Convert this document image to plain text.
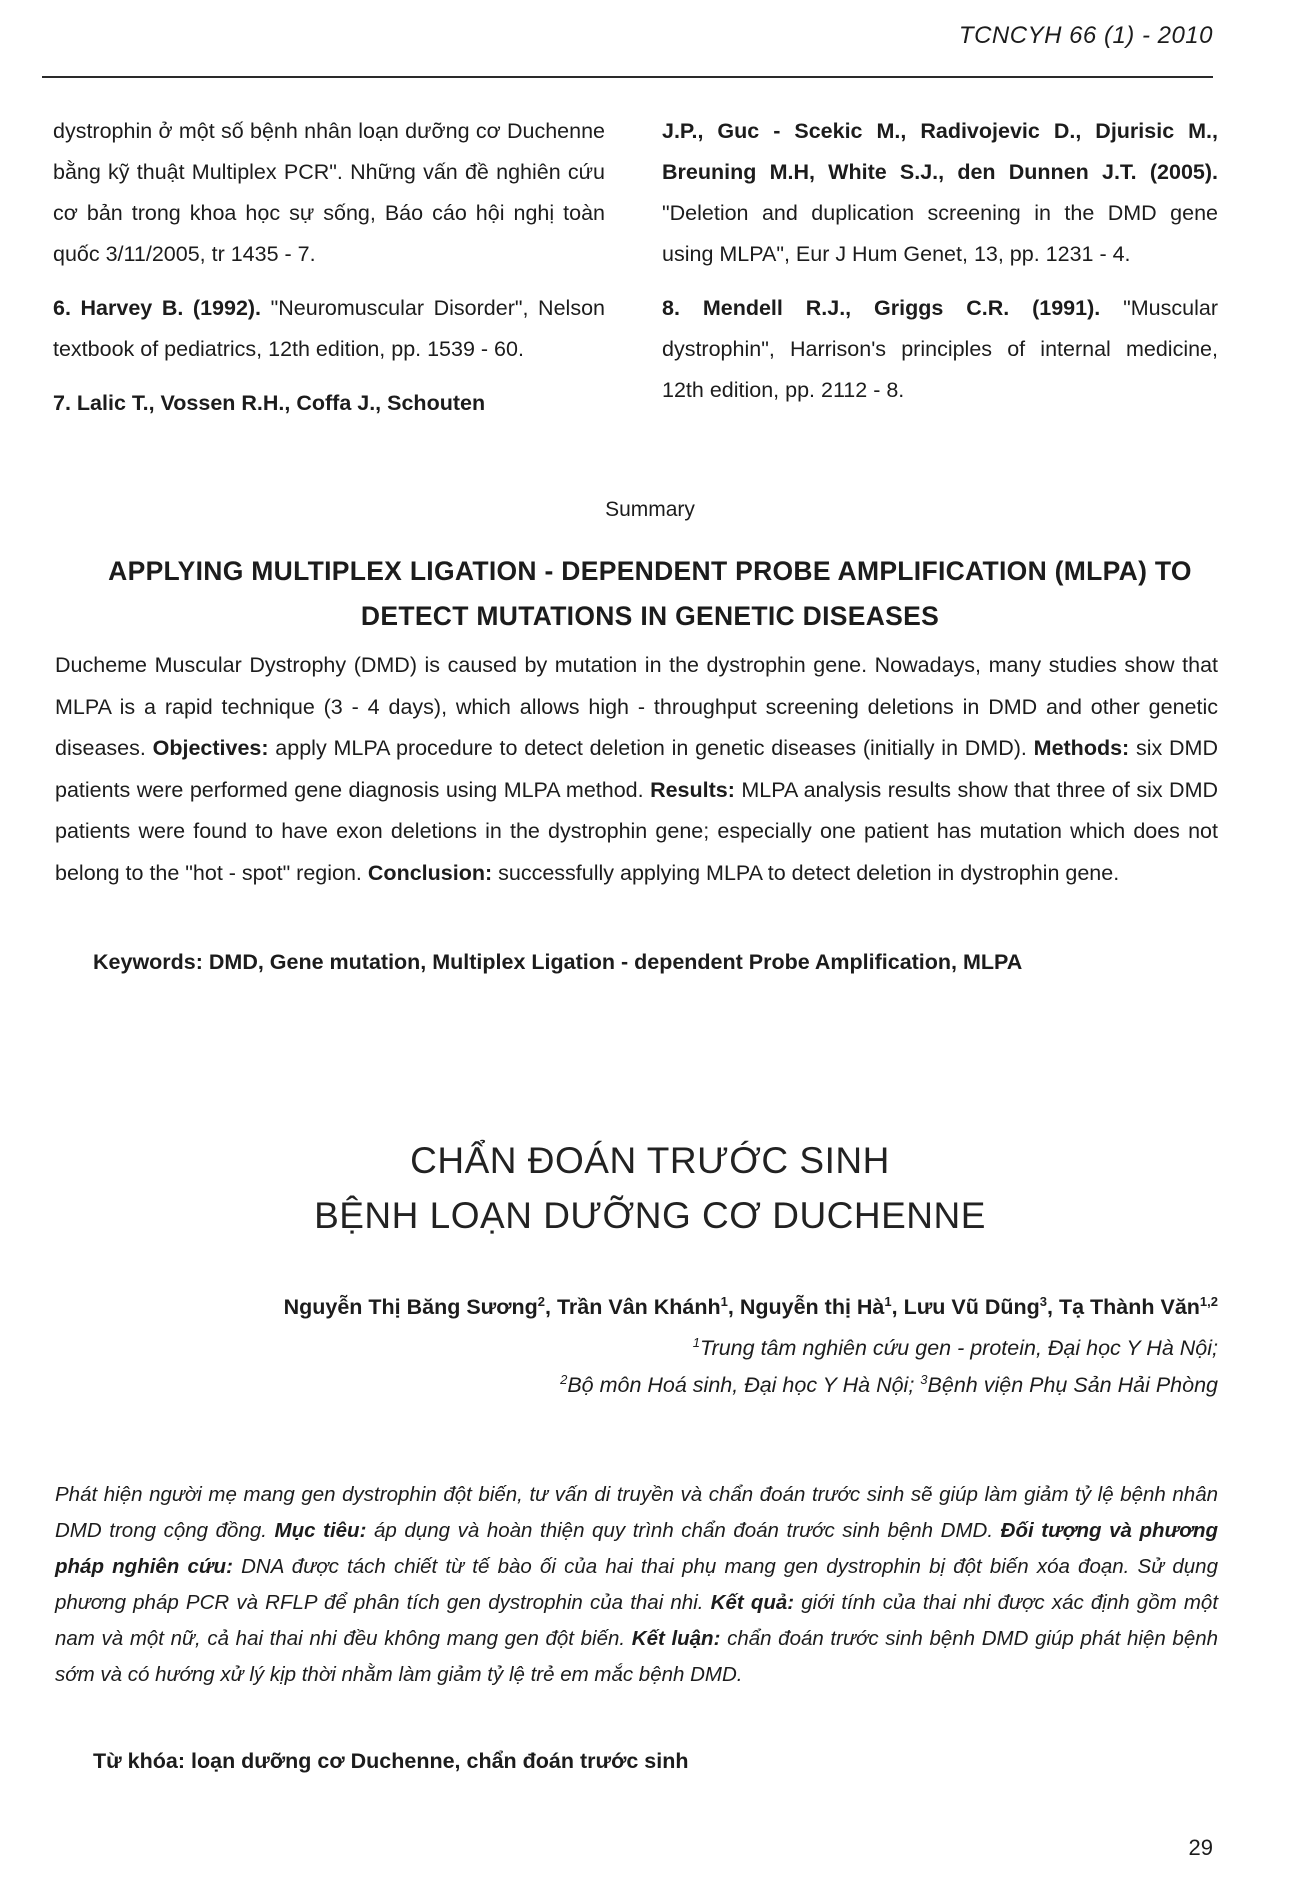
TCNCYH 66 (1) - 2010

dystrophin ở một số bệnh nhân loạn dưỡng cơ Duchenne bằng kỹ thuật Multiplex PCR". Những vấn đề nghiên cứu cơ bản trong khoa học sự sống, Báo cáo hội nghị toàn quốc 3/11/2005, tr 1435 - 7.

6. Harvey B. (1992). "Neuromuscular Disorder", Nelson textbook of pediatrics, 12th edition, pp. 1539 - 60.

7. Lalic T., Vossen R.H., Coffa J., Schouten

J.P., Guc - Scekic M., Radivojevic D., Djurisic M., Breuning M.H, White S.J., den Dunnen J.T. (2005). "Deletion and duplication screening in the DMD gene using MLPA", Eur J Hum Genet, 13, pp. 1231 - 4.

8. Mendell R.J., Griggs C.R. (1991). "Muscular dystrophin", Harrison's principles of internal medicine, 12th edition, pp. 2112 - 8.

Summary
APPLYING MULTIPLEX LIGATION - DEPENDENT PROBE AMPLIFICATION (MLPA) TO DETECT MUTATIONS IN GENETIC DISEASES
Ducheme Muscular Dystrophy (DMD) is caused by mutation in the dystrophin gene. Nowadays, many studies show that MLPA is a rapid technique (3 - 4 days), which allows high - throughput screening deletions in DMD and other genetic diseases. Objectives: apply MLPA procedure to detect deletion in genetic diseases (initially in DMD). Methods: six DMD patients were performed gene diagnosis using MLPA method. Results: MLPA analysis results show that three of six DMD patients were found to have exon deletions in the dystrophin gene; especially one patient has mutation which does not belong to the "hot - spot" region. Conclusion: successfully applying MLPA to detect deletion in dystrophin gene.
Keywords: DMD, Gene mutation, Multiplex Ligation - dependent Probe Amplification, MLPA
CHẨN ĐOÁN TRƯỚC SINH
BỆNH LOẠN DƯỠNG CƠ DUCHENNE
Nguyễn Thị Băng Sương$^2$, Trần Vân Khánh$^1$, Nguyễn thị $Hà^1$, Lưu Vũ Dũng$^3$, Tạ Thành Văn$^{1,2}$
$^1$Trung tâm nghiên cứu gen - protein, Đại học Y Hà Nội;
$^2$Bộ môn Hoá sinh, Đại học Y Hà Nội; $^3$Bệnh viện Phụ Sản Hải Phòng
Phát hiện người mẹ mang gen dystrophin đột biến, tư vấn di truyền và chẩn đoán trước sinh sẽ giúp làm giảm tỷ lệ bệnh nhân DMD trong cộng đồng. Mục tiêu: áp dụng và hoàn thiện quy trình chẩn đoán trước sinh bệnh DMD. Đối tượng và phương pháp nghiên cứu: DNA được tách chiết từ tế bào ối của hai thai phụ mang gen dystrophin bị đột biến xóa đoạn. Sử dụng phương pháp PCR và RFLP để phân tích gen dystrophin của thai nhi. Kết quả: giới tính của thai nhi được xác định gồm một nam và một nữ, cả hai thai nhi đều không mang gen đột biến. Kết luận: chẩn đoán trước sinh bệnh DMD giúp phát hiện bệnh sớm và có hướng xử lý kịp thời nhằm làm giảm tỷ lệ trẻ em mắc bệnh DMD.
Từ khóa: loạn dưỡng cơ Duchenne, chẩn đoán trước sinh
29
